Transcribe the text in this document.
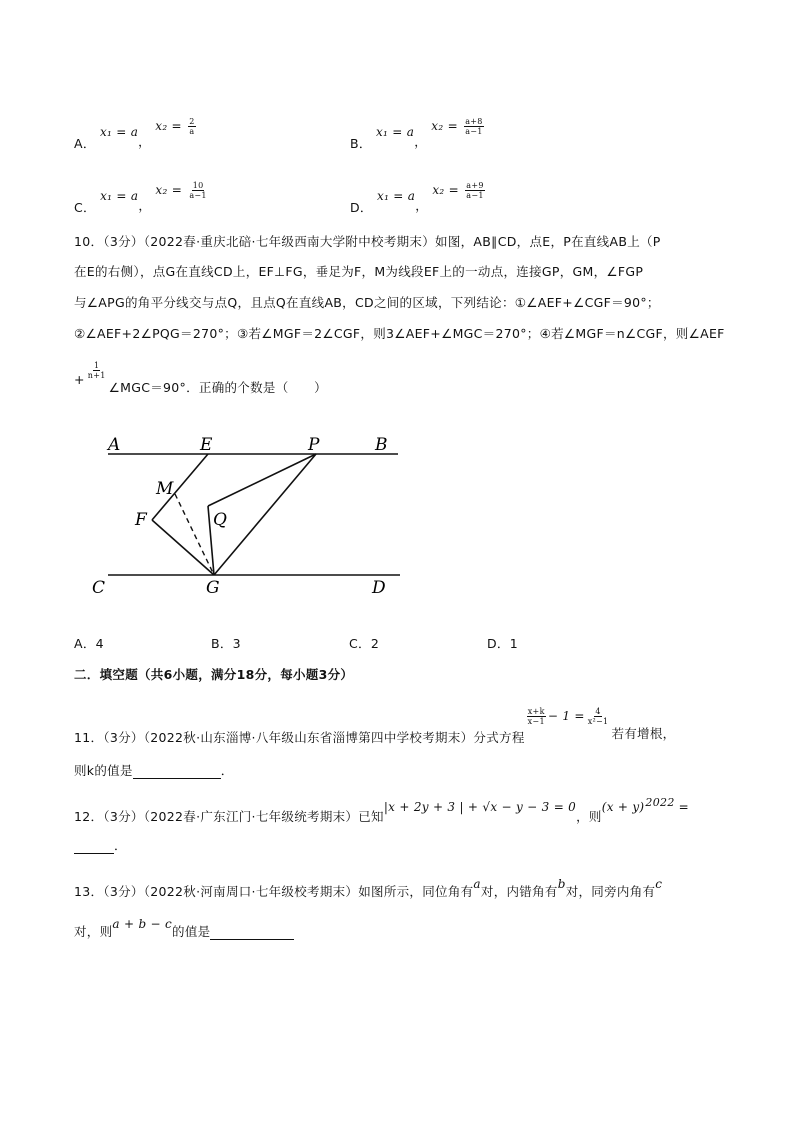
A． x₁ = a， $x_2 = \frac{2}{a}$
B． x₁ = a， $x_2 = \frac{a+8}{a-1}$
C． x₁ = a， $x_2 = \frac{10}{a-1}$
D． x₁ = a， $x_2 = \frac{a+9}{a-1}$
10．（3分）（2022春·重庆北碚·七年级西南大学附中校考期末）如图，AB∥CD，点E，P在直线AB上（P
在E的右侧），点G在直线CD上，EF⊥FG，垂足为F，M为线段EF上的一动点，连接GP，GM，∠FGP
与∠APG的角平分线交与点Q，且点Q在直线AB，CD之间的区域，下列结论：①∠AEF+∠CGF＝90°；
②∠AEF+2∠PQG＝270°；③若∠MGF＝2∠CGF，则3∠AEF+∠MGC＝270°；④若∠MGF＝n∠CGF，则∠AEF
+ $\frac{1}{n+1}$
∠MGC＝90°．正确的个数是（　　）
A	E	P	B
M
F	Q
C	G	D
A．4	B．3	C．2	D．1
二．填空题（共6小题，满分18分，每小题3分）
11．（3分）（2022秋·山东淄博·八年级山东省淄博第四中学校考期末）分式方程
$\frac{x+k}{x-1} - 1 = \frac{4}{\text{x²−1}}$
若有增根，
则k的值是	．
12．（3分）（2022春·广东江门·七年级统考期末）已知|x + 2y + 3 | + √x − y − 3 = 0，则(x + y)2022 =
．
13．（3分）（2022秋·河南周口·七年级校考期末）如图所示，同位角有a对，内错角有b对，同旁内角有c
对，则a + b − c的值是
